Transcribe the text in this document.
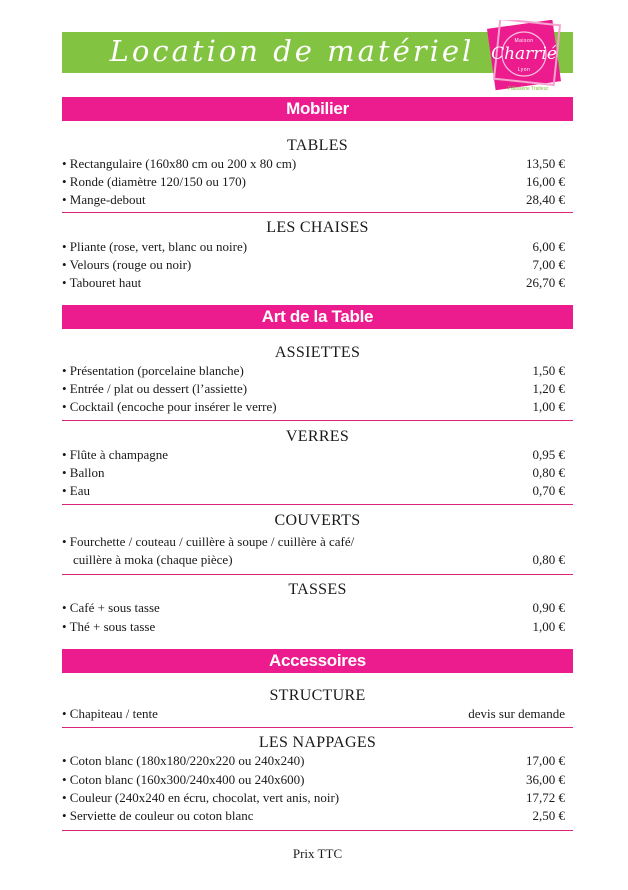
Location de matériel	Maison
Charrié
Lyon
Pâtisserie Traiteur
Mobilier
TABLES
• Rectangulaire (160x80 cm ou 200 x 80 cm)	13,50 €
• Ronde (diamètre 120/150 ou 170)	16,00 €
• Mange-debout	28,40 €
LES CHAISES
• Pliante (rose, vert, blanc ou noire)	6,00 €
• Velours (rouge ou noir)	7,00 €
• Tabouret haut	26,70 €
Art de la Table
ASSIETTES
• Présentation (porcelaine blanche)	1,50 €
• Entrée / plat ou dessert (l’assiette)	1,20 €
• Cocktail (encoche pour insérer le verre)	1,00 €
VERRES
• Flûte à champagne	0,95 €
• Ballon	0,80 €
• Eau	0,70 €
COUVERTS
• Fourchette / couteau / cuillère à soupe / cuillère à café/
cuillère à moka (chaque pièce)	0,80 €
TASSES
• Café + sous tasse	0,90 €
• Thé + sous tasse	1,00 €
Accessoires
STRUCTURE
• Chapiteau / tente	devis sur demande
LES NAPPAGES
• Coton blanc (180x180/220x220 ou 240x240)	17,00 €
• Coton blanc (160x300/240x400 ou 240x600)	36,00 €
• Couleur (240x240 en écru, chocolat, vert anis, noir)	17,72 €
• Serviette de couleur ou coton blanc	2,50 €
Prix TTC
